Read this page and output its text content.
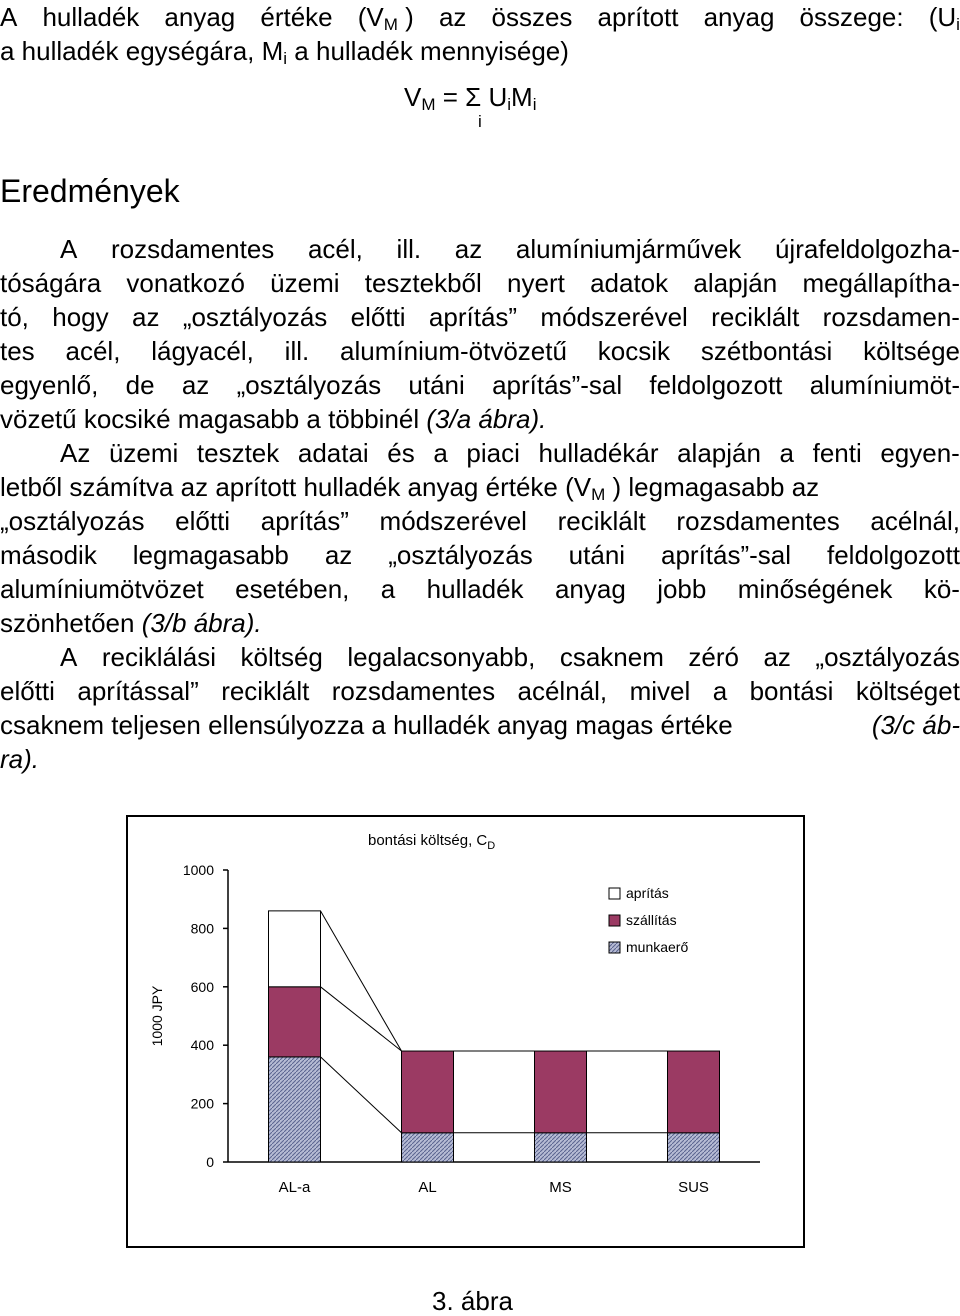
A hulladék anyag értéke ($V_M$ ) az összes aprított anyag összege: ($U_i$
a hulladék egységára, $M_i$ a hulladék mennyisége)
$V_M = \Sigma$ $U_iM_i$
i
Eredmények
A rozsdamentes acél, ill. az alumíniumjárművek újrafeldolgozha-
tóságára vonatkozó üzemi tesztekből nyert adatok alapján megállapítha-
tó, hogy az „osztályozás előtti aprítás” módszerével reciklált rozsdamen-
tes acél, lágyacél, ill. alumínium-ötvözetű kocsik szétbontási költsége
egyenlő, de az „osztályozás utáni aprítás”-sal feldolgozott alumíniumöt-
vözetű kocsiké magasabb a többinél (3/a ábra).
Az üzemi tesztek adatai és a piaci hulladékár alapján a fenti egyen-
letből számítva az aprított hulladék anyag értéke ($V_M$ ) legmagasabb az
„osztályozás előtti aprítás” módszerével reciklált rozsdamentes acélnál,
második legmagasabb az „osztályozás utáni aprítás”-sal feldolgozott
alumíniumötvözet esetében, a hulladék anyag jobb minőségének kö-
szönhetően (3/b ábra).
A reciklálási költség legalacsonyabb, csaknem zéró az „osztályozás
előtti aprítással” reciklált rozsdamentes acélnál, mivel a bontási költséget
csaknem teljesen ellensúlyozza a hulladék anyag magas értéke	(3/c áb-
ra).
0
200
400
600
800
1000
1000 JPY
bontási költség, $C_D$
AL-a	AL	MS	SUS
aprítás
szállítás
munkaerő
3. ábra
